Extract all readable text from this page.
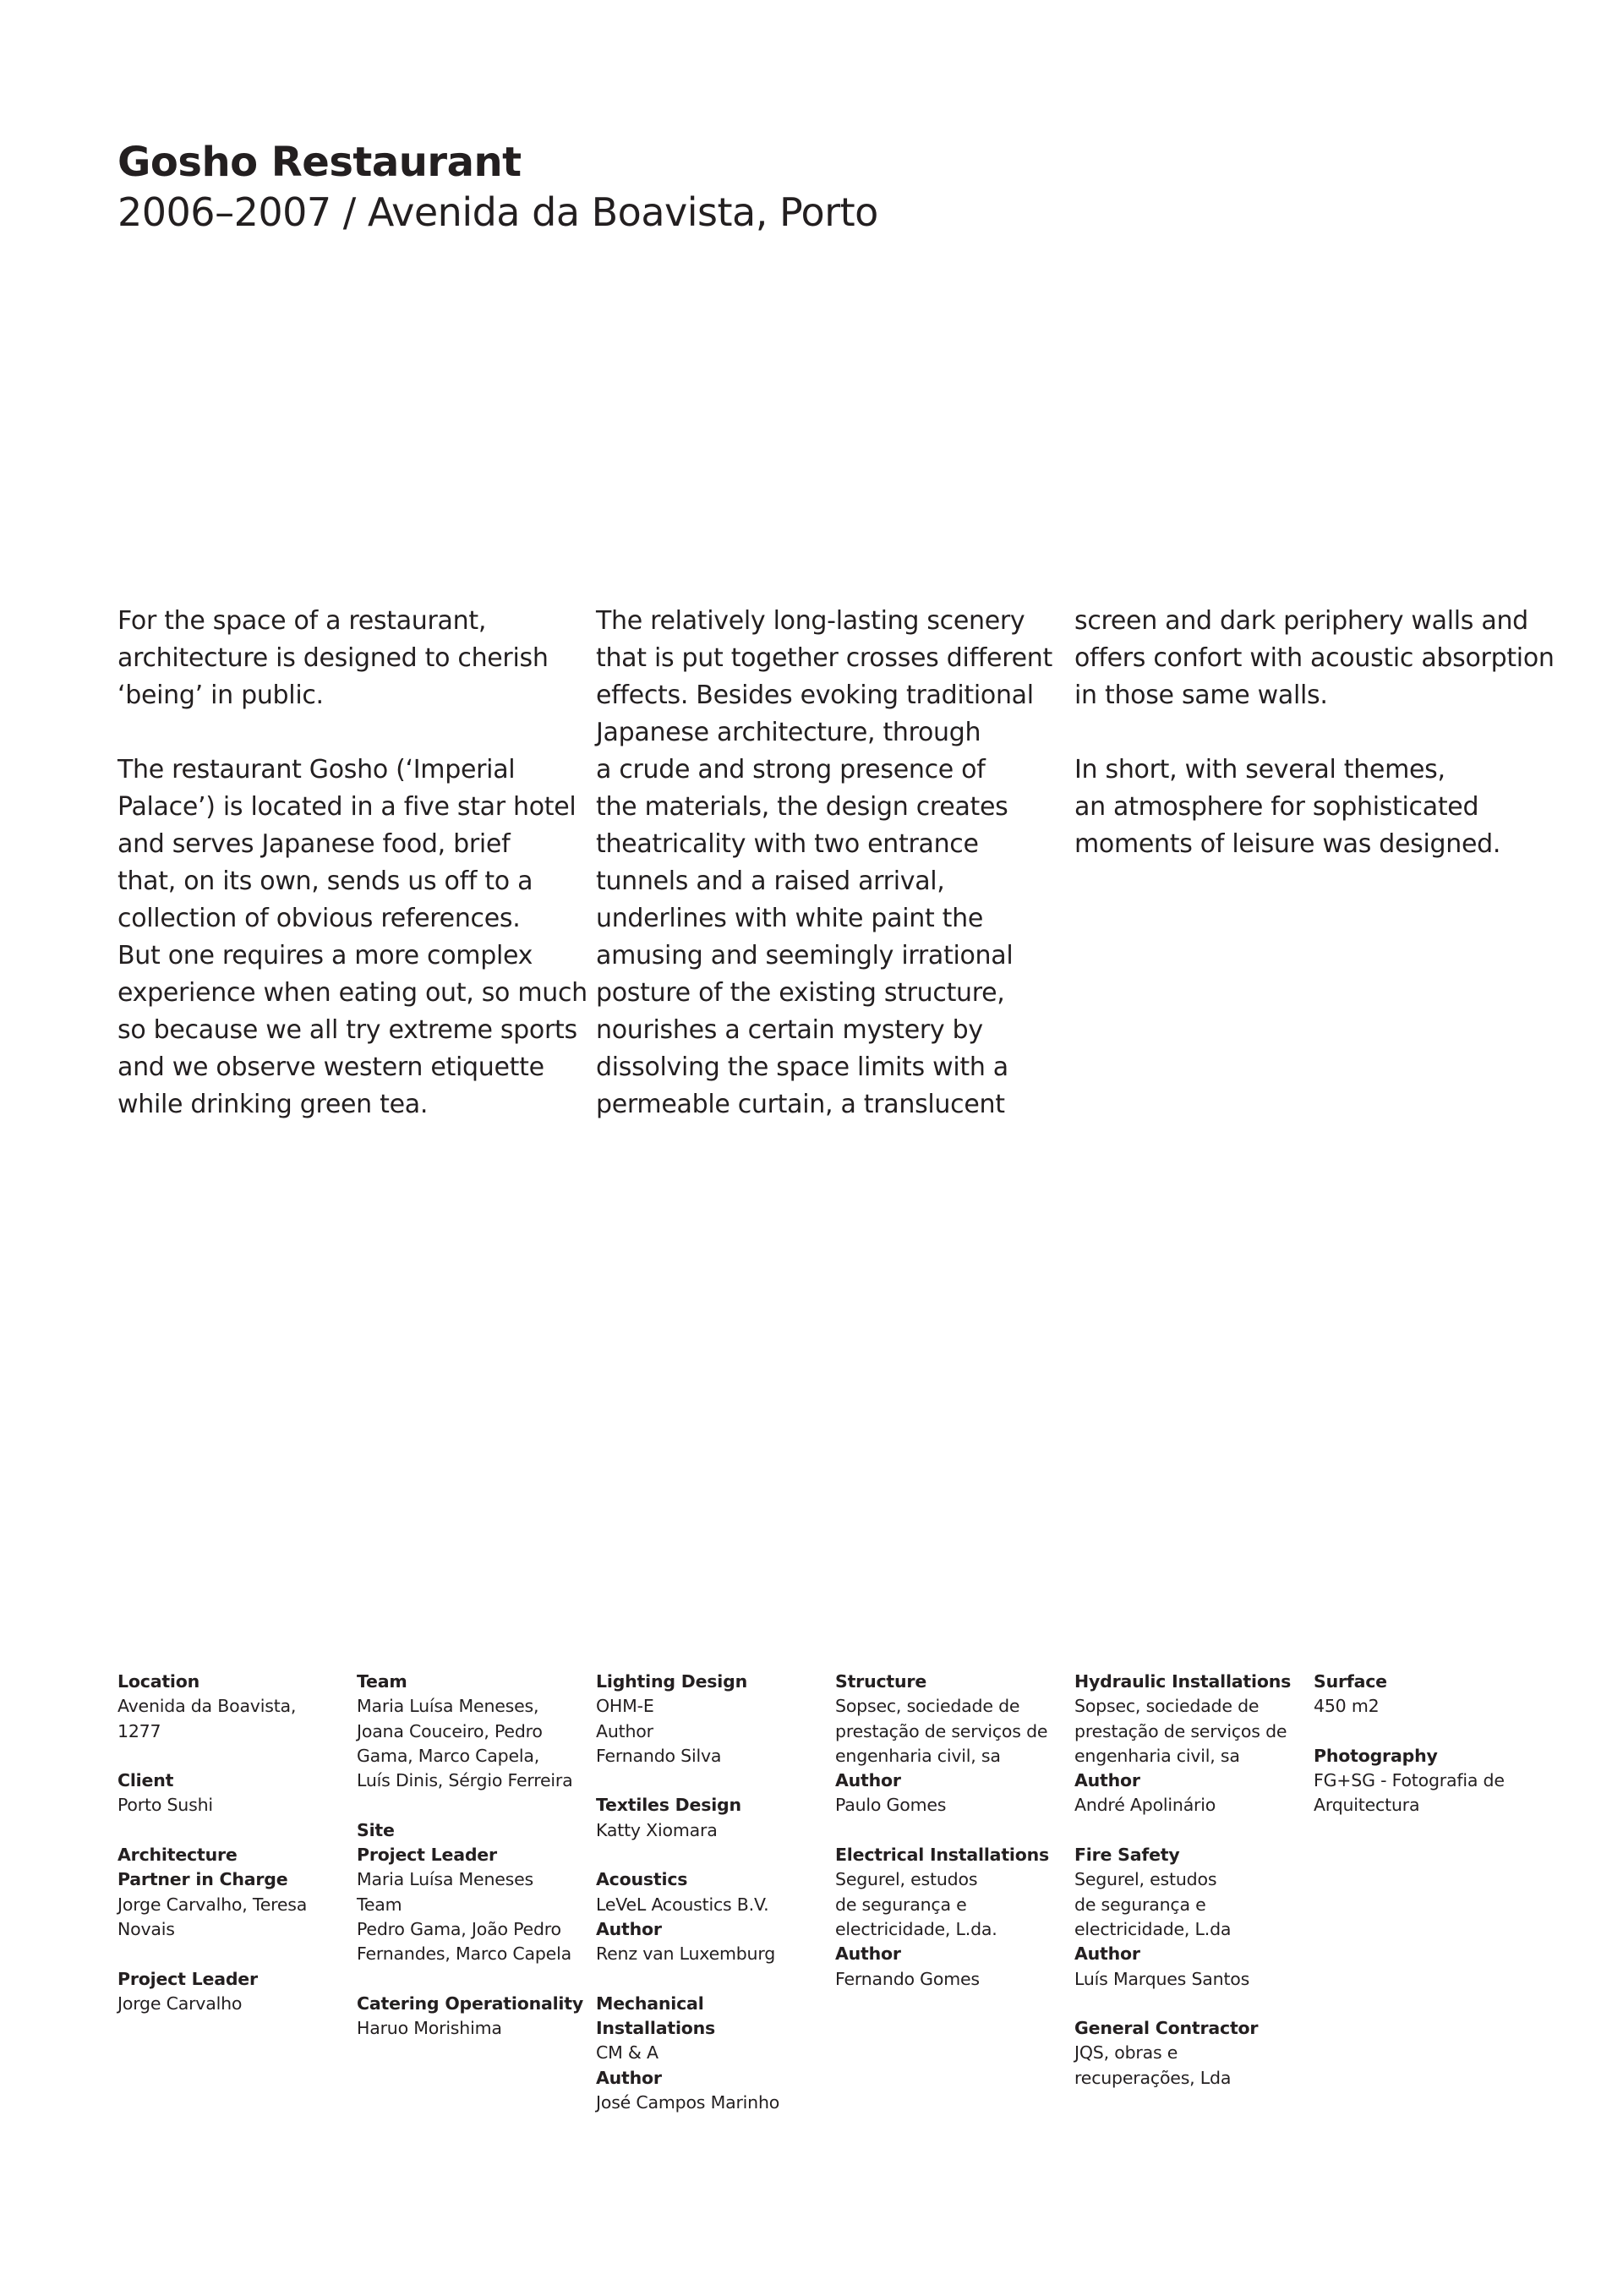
Gosho Restaurant
2006–2007 / Avenida da Boavista, Porto
For the space of a restaurant,
architecture is designed to cherish
‘being’ in public.
The restaurant Gosho (‘Imperial
Palace’) is located in a five star hotel
and serves Japanese food, brief
that, on its own, sends us off to a
collection of obvious references.
But one requires a more complex
experience when eating out, so much
so because we all try extreme sports
and we observe western etiquette
while drinking green tea.
The relatively long-lasting scenery
that is put together crosses different
effects. Besides evoking traditional
Japanese architecture, through
a crude and strong presence of
the materials, the design creates
theatricality with two entrance
tunnels and a raised arrival,
underlines with white paint the
amusing and seemingly irrational
posture of the existing structure,
nourishes a certain mystery by
dissolving the space limits with a
permeable curtain, a translucent
screen and dark periphery walls and
offers confort with acoustic absorption
in those same walls.
In short, with several themes,
an atmosphere for sophisticated
moments of leisure was designed.
Location
Avenida da Boavista,
1277
Client
Porto Sushi
Architecture
Partner in Charge
Jorge Carvalho, Teresa
Novais
Project Leader
Jorge Carvalho
Team
Maria Luísa Meneses,
Joana Couceiro, Pedro
Gama, Marco Capela,
Luís Dinis, Sérgio Ferreira
Site
Project Leader
Maria Luísa Meneses
Team
Pedro Gama, João Pedro
Fernandes, Marco Capela
Catering Operationality
Haruo Morishima
Lighting Design
OHM-E
Author
Fernando Silva
Textiles Design
Katty Xiomara
Acoustics
LeVeL Acoustics B.V.
Author
Renz van Luxemburg
Mechanical
Installations
CM & A
Author
José Campos Marinho
Structure
Sopsec, sociedade de
prestação de serviços de
engenharia civil, sa
Author
Paulo Gomes
Electrical Installations
Segurel, estudos
de segurança e
electricidade, L.da.
Author
Fernando Gomes
Hydraulic Installations
Sopsec, sociedade de
prestação de serviços de
engenharia civil, sa
Author
André Apolinário
Fire Safety
Segurel, estudos
de segurança e
electricidade, L.da
Author
Luís Marques Santos
General Contractor
JQS, obras e
recuperações, Lda
Surface
450 m2
Photography
FG+SG - Fotografia de
Arquitectura
